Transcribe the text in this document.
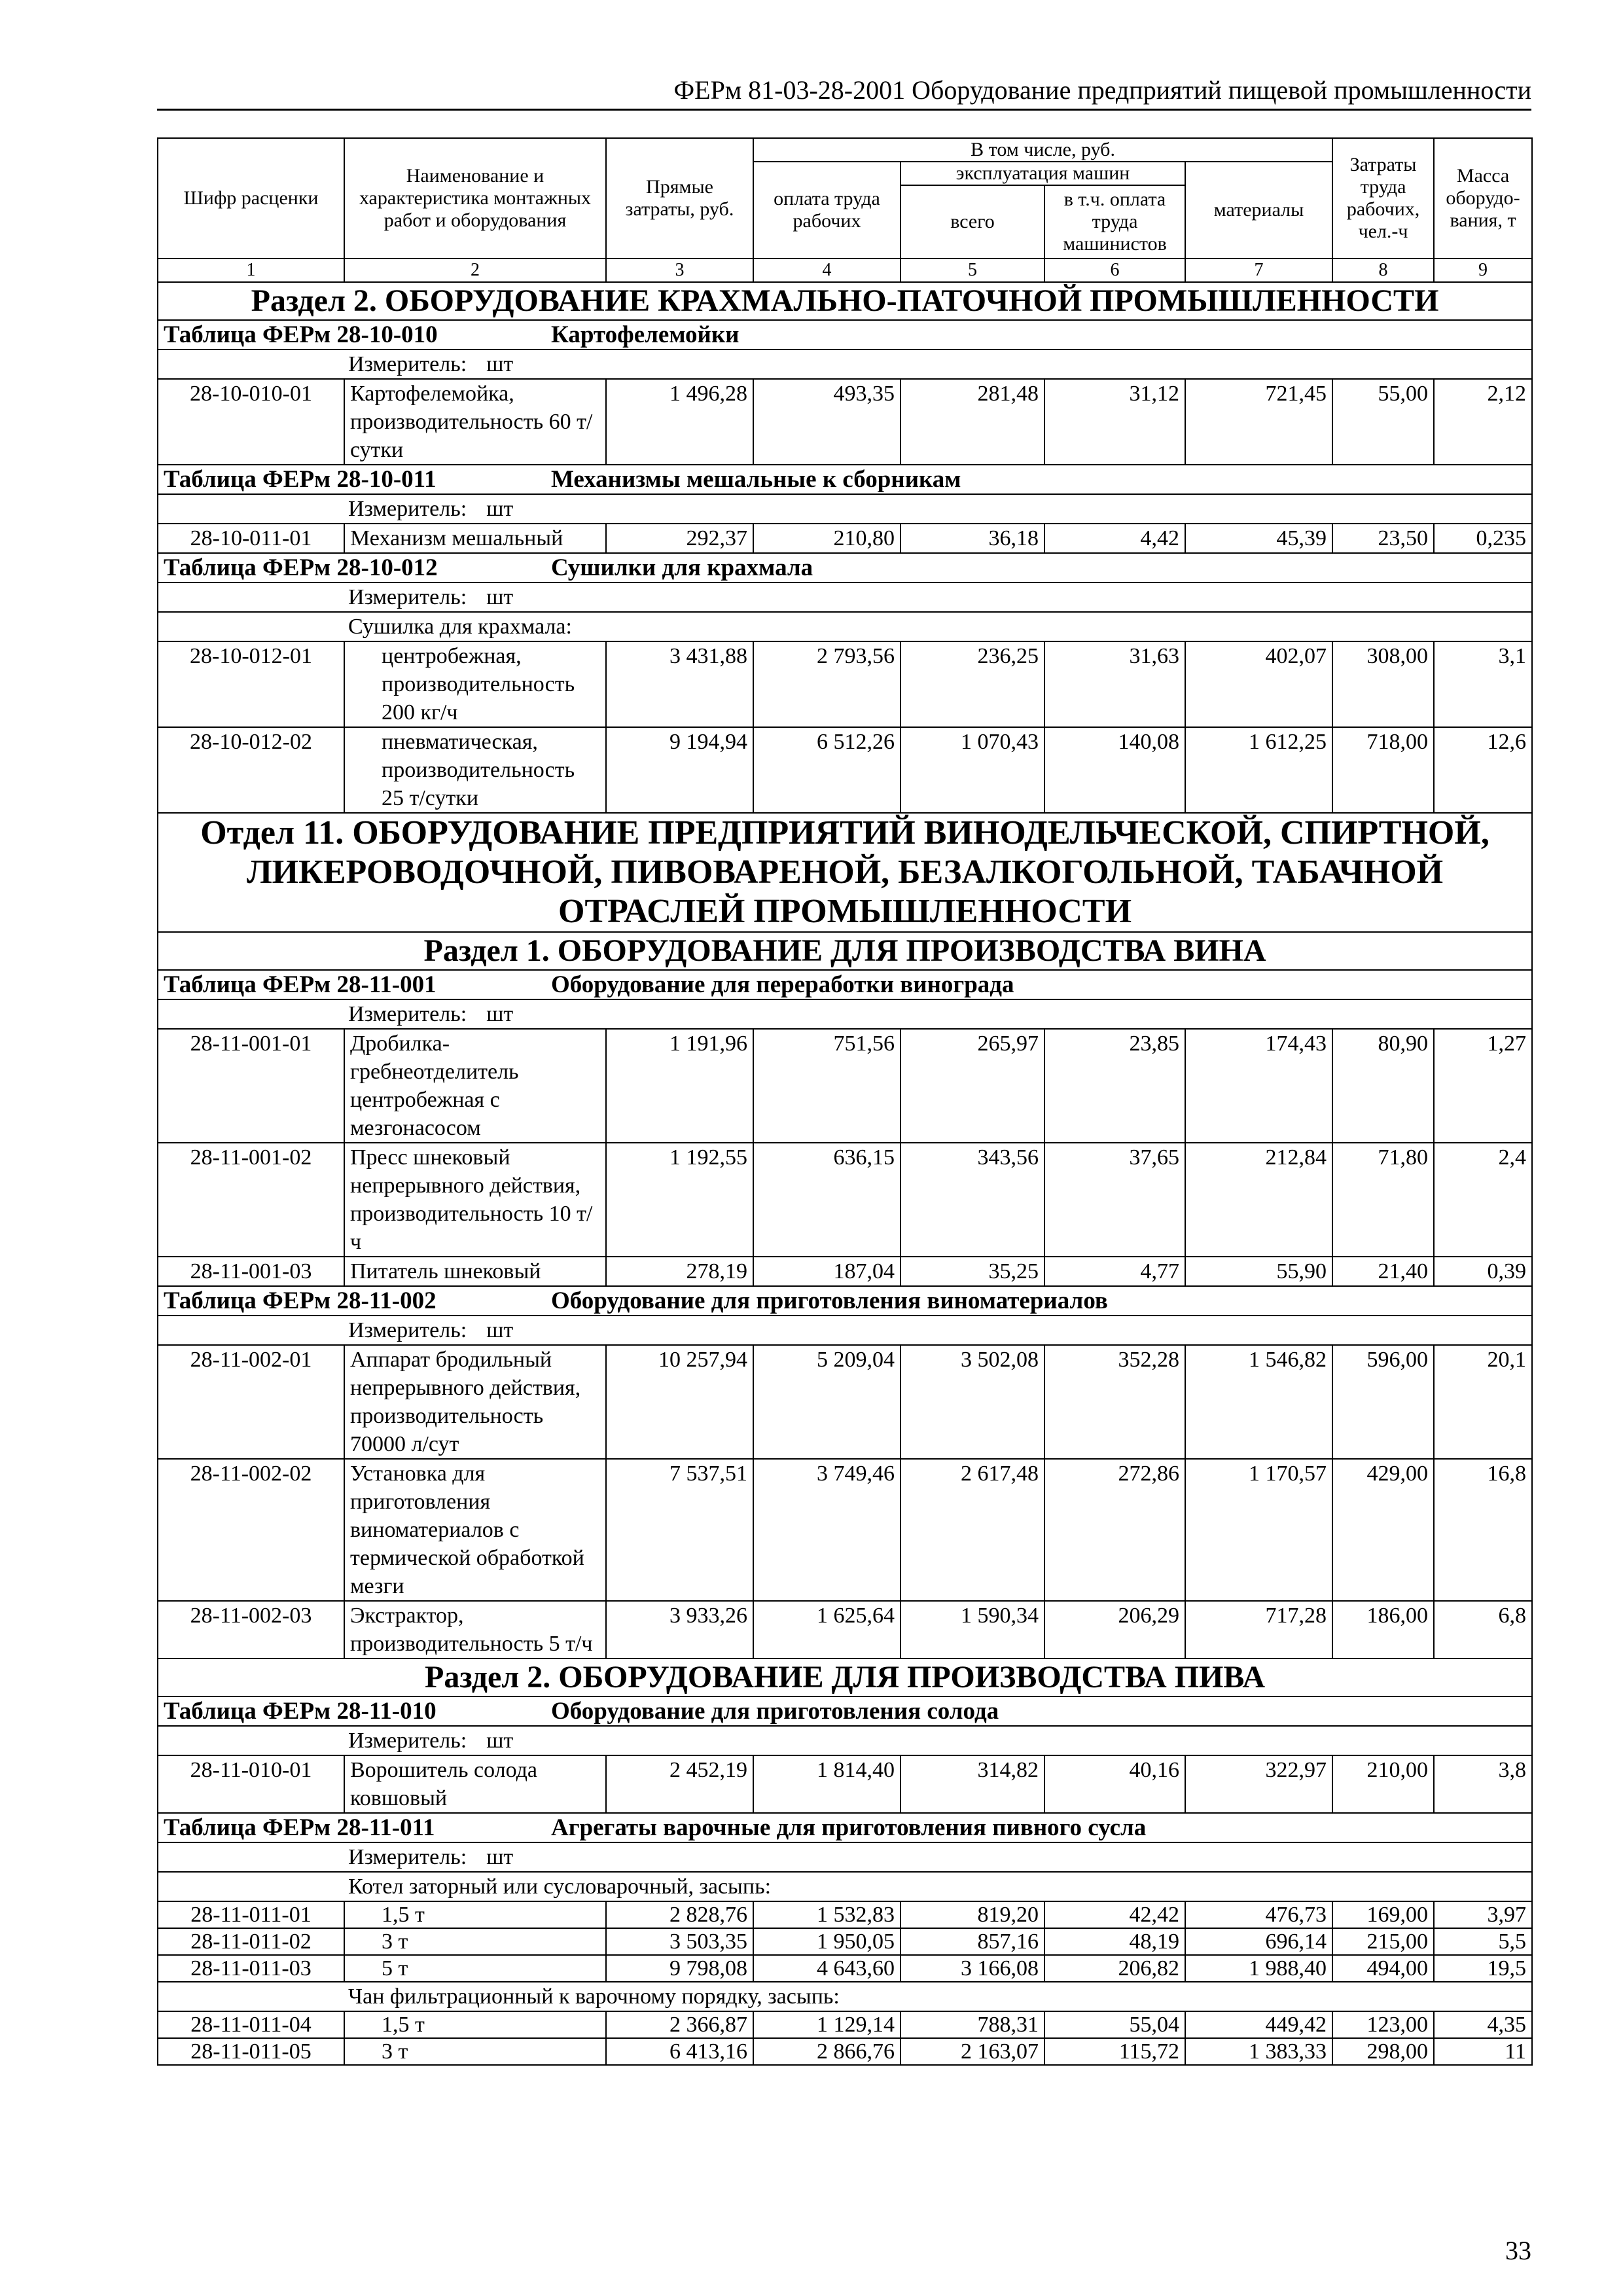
ФЕРм 81-03-28-2001 Оборудование предприятий пищевой промышленности
Шифр расценки	Наименование и характеристика монтажных работ и оборудования	Прямые затраты, руб.	В том числе, руб.				Затраты труда рабочих, чел.-ч	Масса оборудо-вания, т
			оплата труда рабочих	эксплуатация машин		материалы		
				всего	в т.ч. оплата труда машинистов			
1	2	3	4	5	6	7	8	9
Раздел 2. ОБОРУДОВАНИЕ КРАХМАЛЬНО-ПАТОЧНОЙ ПРОМЫШЛЕННОСТИ								
Таблица ФЕРм 28-10-010 Картофелемойки								
Измеритель: шт								
28-10-010-01	Картофелемойка, производительность 60 т/сутки	1 496,28	493,35	281,48	31,12	721,45	55,00	2,12
Таблица ФЕРм 28-10-011 Механизмы мешальные к сборникам								
Измеритель: шт								
28-10-011-01	Механизм мешальный	292,37	210,80	36,18	4,42	45,39	23,50	0,235
Таблица ФЕРм 28-10-012 Сушилки для крахмала								
Измеритель: шт								
Сушилка для крахмала:								
28-10-012-01	центробежная, производительность 200 кг/ч	3 431,88	2 793,56	236,25	31,63	402,07	308,00	3,1
28-10-012-02	пневматическая, производительность 25 т/сутки	9 194,94	6 512,26	1 070,43	140,08	1 612,25	718,00	12,6
Отдел 11. ОБОРУДОВАНИЕ ПРЕДПРИЯТИЙ ВИНОДЕЛЬЧЕСКОЙ, СПИРТНОЙ, ЛИКЕРОВОДОЧНОЙ, ПИВОВАРЕНОЙ, БЕЗАЛКОГОЛЬНОЙ, ТАБАЧНОЙ ОТРАСЛЕЙ ПРОМЫШЛЕННОСТИ								
Раздел 1. ОБОРУДОВАНИЕ ДЛЯ ПРОИЗВОДСТВА ВИНА								
Таблица ФЕРм 28-11-001 Оборудование для переработки винограда								
Измеритель: шт								
28-11-001-01	Дробилка-гребнеотделитель центробежная с мезгонасосом	1 191,96	751,56	265,97	23,85	174,43	80,90	1,27
28-11-001-02	Пресс шнековый непрерывного действия, производительность 10 т/ч	1 192,55	636,15	343,56	37,65	212,84	71,80	2,4
28-11-001-03	Питатель шнековый	278,19	187,04	35,25	4,77	55,90	21,40	0,39
Таблица ФЕРм 28-11-002 Оборудование для приготовления виноматериалов								
Измеритель: шт								
28-11-002-01	Аппарат бродильный непрерывного действия, производительность 70000 л/сут	10 257,94	5 209,04	3 502,08	352,28	1 546,82	596,00	20,1
28-11-002-02	Установка для приготовления виноматериалов с термической обработкой мезги	7 537,51	3 749,46	2 617,48	272,86	1 170,57	429,00	16,8
28-11-002-03	Экстрактор, производительность 5 т/ч	3 933,26	1 625,64	1 590,34	206,29	717,28	186,00	6,8
Раздел 2. ОБОРУДОВАНИЕ ДЛЯ ПРОИЗВОДСТВА ПИВА								
Таблица ФЕРм 28-11-010 Оборудование для приготовления солода								
Измеритель: шт								
28-11-010-01	Ворошитель солода ковшовый	2 452,19	1 814,40	314,82	40,16	322,97	210,00	3,8
Таблица ФЕРм 28-11-011 Агрегаты варочные для приготовления пивного сусла								
Измеритель: шт								
Котел заторный или сусловарочный, засыпь:								
28-11-011-01	1,5 т	2 828,76	1 532,83	819,20	42,42	476,73	169,00	3,97
28-11-011-02	3 т	3 503,35	1 950,05	857,16	48,19	696,14	215,00	5,5
28-11-011-03	5 т	9 798,08	4 643,60	3 166,08	206,82	1 988,40	494,00	19,5
Чан фильтрационный к варочному порядку, засыпь:								
28-11-011-04	1,5 т	2 366,87	1 129,14	788,31	55,04	449,42	123,00	4,35
28-11-011-05	3 т	6 413,16	2 866,76	2 163,07	115,72	1 383,33	298,00	11
33
